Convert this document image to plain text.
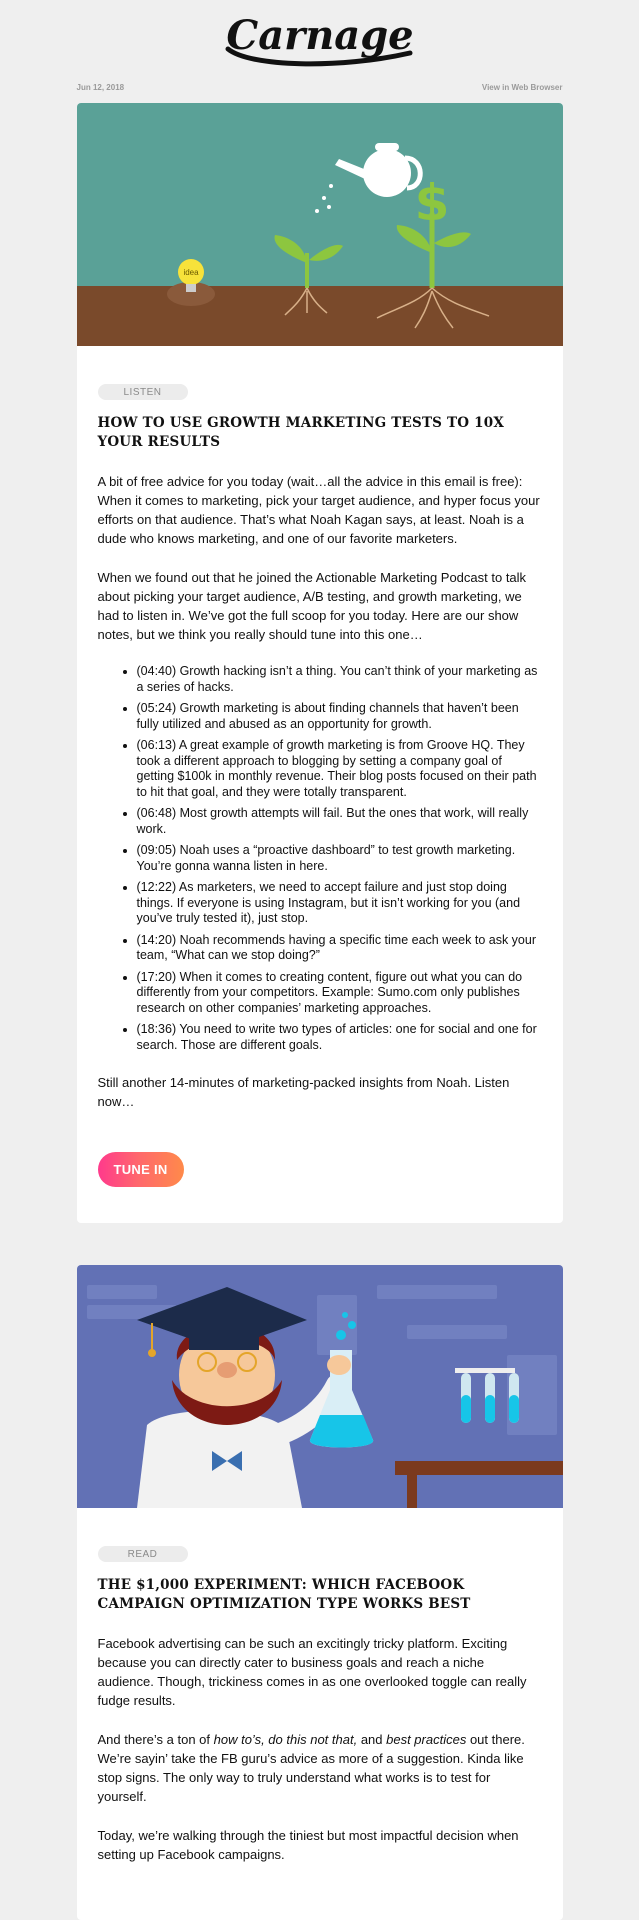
Carnage
Jun 12, 2018	View in Web Browser
idea
$
LISTEN
HOW TO USE GROWTH MARKETING TESTS TO 10X YOUR RESULTS

A bit of free advice for you today (wait…all the advice in this email is free): When it comes to marketing, pick your target audience, and hyper focus your efforts on that audience. That’s what Noah Kagan says, at least. Noah is a dude who knows marketing, and one of our favorite marketers.

When we found out that he joined the Actionable Marketing Podcast to talk about picking your target audience, A/B testing, and growth marketing, we had to listen in. We’ve got the full scoop for you today. Here are our show notes, but we think you really should tune into this one…

• (04:40) Growth hacking isn’t a thing. You can’t think of your marketing as a series of hacks.
• (05:24) Growth marketing is about finding channels that haven’t been fully utilized and abused as an opportunity for growth.
• (06:13) A great example of growth marketing is from Groove HQ. They took a different approach to blogging by setting a company goal of getting $100k in monthly revenue. Their blog posts focused on their path to hit that goal, and they were totally transparent.
• (06:48) Most growth attempts will fail. But the ones that work, will really work.
• (09:05) Noah uses a “proactive dashboard” to test growth marketing. You’re gonna wanna listen in here.
• (12:22) As marketers, we need to accept failure and just stop doing things. If everyone is using Instagram, but it isn’t working for you (and you’ve truly tested it), just stop.
• (14:20) Noah recommends having a specific time each week to ask your team, “What can we stop doing?”
• (17:20) When it comes to creating content, figure out what you can do differently from your competitors. Example: Sumo.com only publishes research on other companies’ marketing approaches.
• (18:36) You need to write two types of articles: one for social and one for search. Those are different goals.

Still another 14-minutes of marketing-packed insights from Noah. Listen now…

TUNE IN
READ
THE $1,000 EXPERIMENT: WHICH FACEBOOK CAMPAIGN OPTIMIZATION TYPE WORKS BEST

Facebook advertising can be such an excitingly tricky platform. Exciting because you can directly cater to business goals and reach a niche audience. Though, trickiness comes in as one overlooked toggle can really fudge results.

And there’s a ton of how to’s, do this not that, and best practices out there. We’re sayin’ take the FB guru’s advice as more of a suggestion. Kinda like stop signs. The only way to truly understand what works is to test for yourself.

Today, we’re walking through the tiniest but most impactful decision when setting up Facebook campaigns.
